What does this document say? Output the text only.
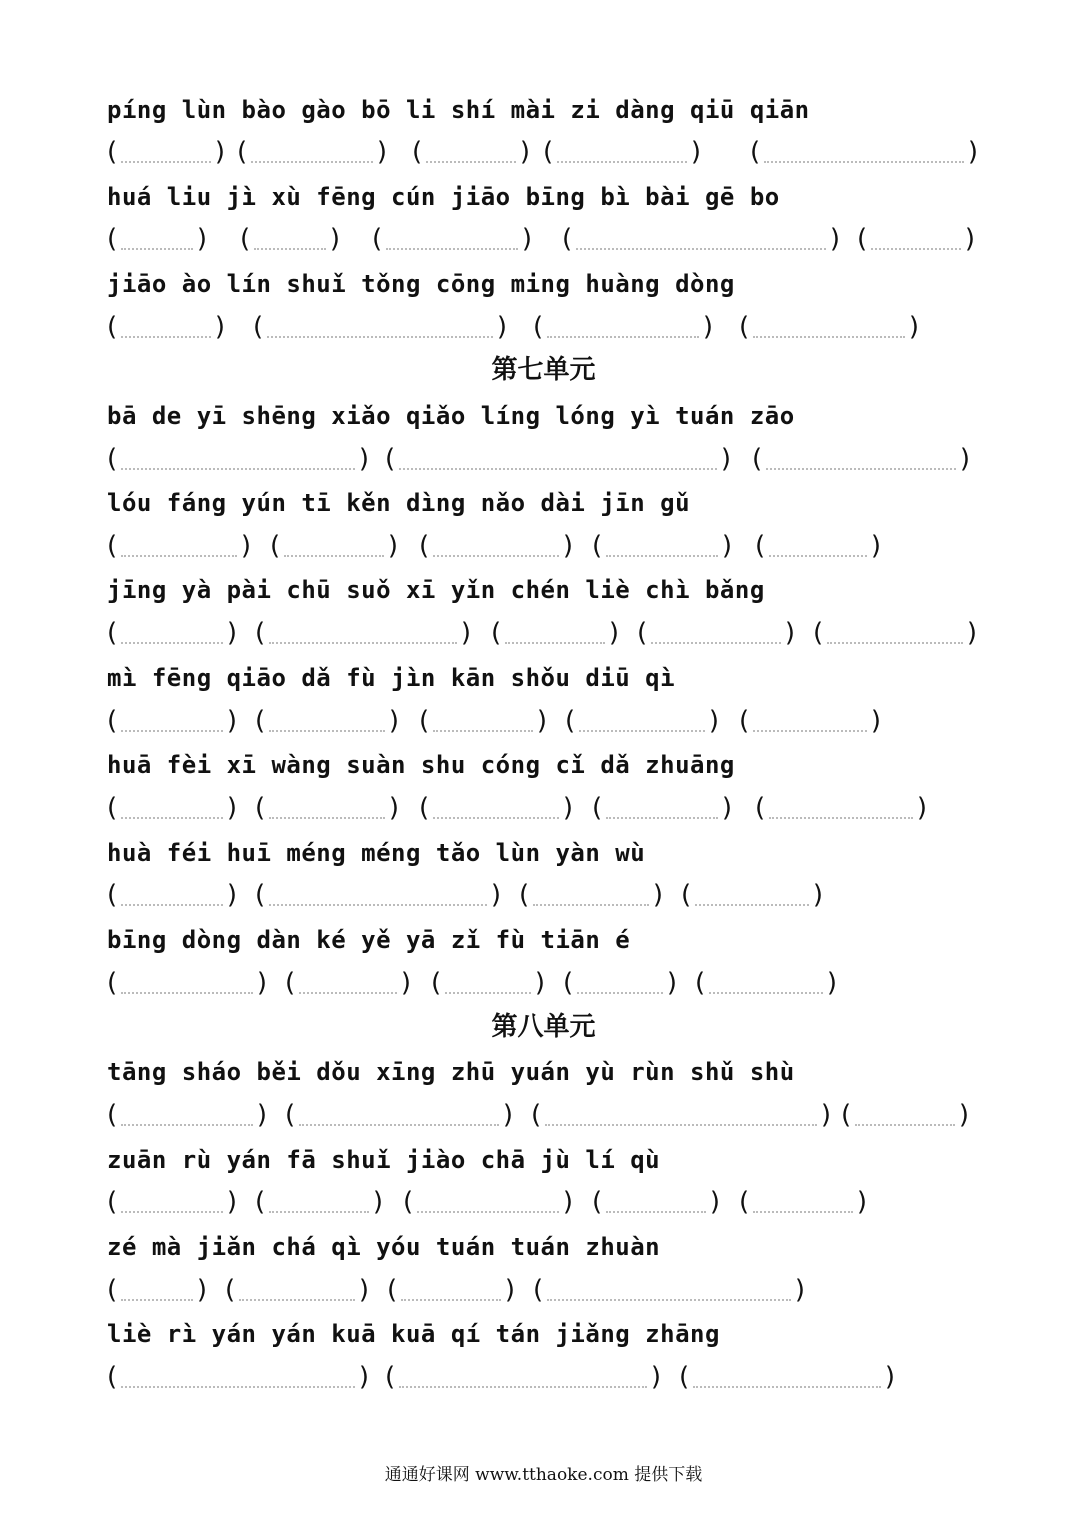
píng lùn bào gào bō li shí mài zi dàng qiū qiān
(	) (	) (	) (	) (	)
huá liu jì xù fēng cún jiāo bīng bì bài gē bo
(	) (	) (	) (	) (	)
jiāo ào lín shuǐ tǒng cōng ming huàng dòng
(	) (	) (	) (	)
第七单元
bā de yī shēng xiǎo qiǎo líng lóng yì tuán zāo
(	) (	) (	)
lóu fáng yún tī kěn dìng nǎo dài jīn gǔ
(	) (	) (	) (	) (	)
jīng yà pài chū suǒ xī yǐn chén liè chì bǎng
(	) (	) (	) (	) (	)
mì fēng qiāo dǎ fù jìn kān shǒu diū qì
(	) (	) (	) (	) (	)
huā fèi xī wàng suàn shu cóng cǐ dǎ zhuāng
(	) (	) (	) (	) (	)
huà féi huī méng méng tǎo lùn yàn wù
(	) (	) (	) (	)
bīng dòng dàn ké yě yā zǐ fù tiān é
(	) (	) (	) (	) (	)
第八单元
tāng sháo běi dǒu xīng zhū yuán yù rùn shǔ shù
(	) (	) (	) (	)
zuān rù yán fā shuǐ jiào chā jù lí qù
(	) (	) (	) (	) (	)
zé mà jiǎn chá qì yóu tuán tuán zhuàn
(	) (	) (	) (	)
liè rì yán yán kuā kuā qí tán jiǎng zhāng
(	) (	) (	)
通通好课网 www.tthaoke.com 提供下载
